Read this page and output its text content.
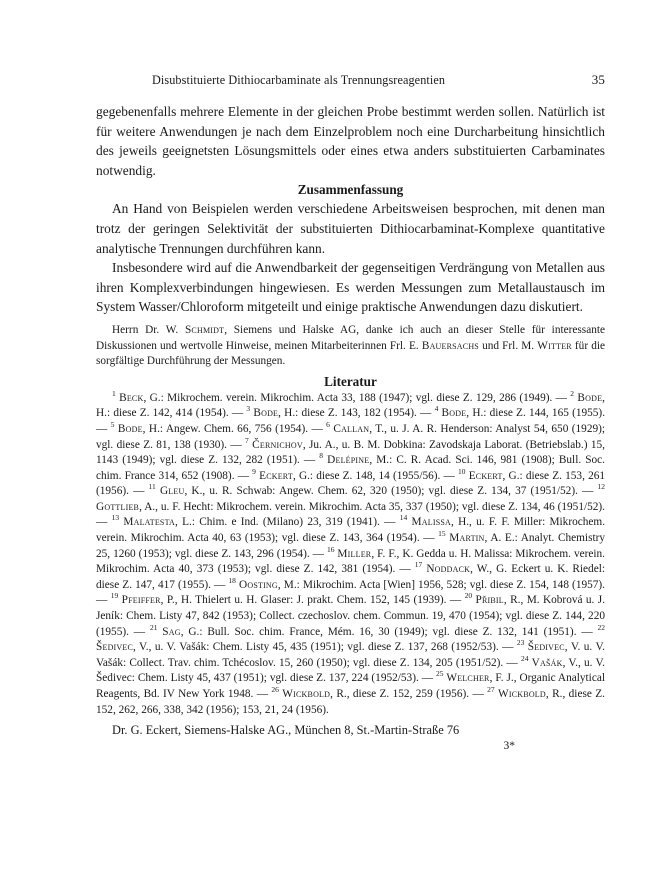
Disubstituierte Dithiocarbaminate als Trennungsreagentien	35

gegebenenfalls mehrere Elemente in der gleichen Probe bestimmt werden sollen. Natürlich ist für weitere Anwendungen je nach dem Einzelproblem noch eine Durcharbeitung hinsichtlich des jeweils geeignetsten Lösungsmittels oder eines etwa anders substituierten Carbaminates notwendig.

Zusammenfassung

An Hand von Beispielen werden verschiedene Arbeitsweisen besprochen, mit denen man trotz der geringen Selektivität der substituierten Dithiocarbaminat-Komplexe quantitative analytische Trennungen durchführen kann.

Insbesondere wird auf die Anwendbarkeit der gegenseitigen Verdrängung von Metallen aus ihren Komplexverbindungen hingewiesen. Es werden Messungen zum Metallaustausch im System Wasser/Chloroform mitgeteilt und einige praktische Anwendungen dazu diskutiert.

Herrn Dr. W. Schmidt, Siemens und Halske AG, danke ich auch an dieser Stelle für interessante Diskussionen und wertvolle Hinweise, meinen Mitarbeiterinnen Frl. E. Bauersachs und Frl. M. Witter für die sorgfältige Durchführung der Messungen.

Literatur

$^1$ Beck, G.: Mikrochem. verein. Mikrochim. Acta 33, 188 (1947); vgl. diese Z. 129, 286 (1949). — $^2$ Bode, H.: diese Z. 142, 414 (1954). — $^3$ Bode, H.: diese Z. 143, 182 (1954). — $^4$ Bode, H.: diese Z. 144, 165 (1955). — $^5$ Bode, H.: Angew. Chem. 66, 756 (1954). — $^6$ Callan, T., u. J. A. R. Henderson: Analyst 54, 650 (1929); vgl. diese Z. 81, 138 (1930). — $^7$ Černichov, Ju. A., u. B. M. Dobkina: Zavodskaja Laborat. (Betriebslab.) 15, 1143 (1949); vgl. diese Z. 132, 282 (1951). — $^8$ Delépine, M.: C. R. Acad. Sci. 146, 981 (1908); Bull. Soc. chim. France 314, 652 (1908). — $^9$ Eckert, G.: diese Z. 148, 14 (1955/56). — $^{10}$ Eckert, G.: diese Z. 153, 261 (1956). — $^{11}$ Gleu, K., u. R. Schwab: Angew. Chem. 62, 320 (1950); vgl. diese Z. 134, 37 (1951/52). — $^{12}$ Gottlieb, A., u. F. Hecht: Mikrochem. verein. Mikrochim. Acta 35, 337 (1950); vgl. diese Z. 134, 46 (1951/52). — $^{13}$ Malatesta, L.: Chim. e Ind. (Milano) 23, 319 (1941). — $^{14}$ Malissa, H., u. F. F. Miller: Mikrochem. verein. Mikrochim. Acta 40, 63 (1953); vgl. diese Z. 143, 364 (1954). — $^{15}$ Martin, A. E.: Analyt. Chemistry 25, 1260 (1953); vgl. diese Z. 143, 296 (1954). — $^{16}$ Miller, F. F., K. Gedda u. H. Malissa: Mikrochem. verein. Mikrochim. Acta 40, 373 (1953); vgl. diese Z. 142, 381 (1954). — $^{17}$ Noddack, W., G. Eckert u. K. Riedel: diese Z. 147, 417 (1955). — $^{18}$ Oosting, M.: Mikrochim. Acta [Wien] 1956, 528; vgl. diese Z. 154, 148 (1957). — $^{19}$ Pfeiffer, P., H. Thielert u. H. Glaser: J. prakt. Chem. 152, 145 (1939). — $^{20}$ Přibil, R., M. Kobrová u. J. Jeník: Chem. Listy 47, 842 (1953); Collect. czechoslov. chem. Commun. 19, 470 (1954); vgl. diese Z. 144, 220 (1955). — $^{21}$ Sag, G.: Bull. Soc. chim. France, Mém. 16, 30 (1949); vgl. diese Z. 132, 141 (1951). — $^{22}$ Šedivec, V., u. V. Vašák: Chem. Listy 45, 435 (1951); vgl. diese Z. 137, 268 (1952/53). — $^{23}$ Šedivec, V. u. V. Vašák: Collect. Trav. chim. Tchécoslov. 15, 260 (1950); vgl. diese Z. 134, 205 (1951/52). — $^{24}$ Vašák, V., u. V. Šedivec: Chem. Listy 45, 437 (1951); vgl. diese Z. 137, 224 (1952/53). — $^{25}$ Welcher, F. J., Organic Analytical Reagents, Bd. IV New York 1948. — $^{26}$ Wickbold, R., diese Z. 152, 259 (1956). — $^{27}$ Wickbold, R., diese Z. 152, 262, 266, 338, 342 (1956); 153, 21, 24 (1956).

Dr. G. Eckert, Siemens-Halske AG., München 8, St.-Martin-Straße 76

3*
